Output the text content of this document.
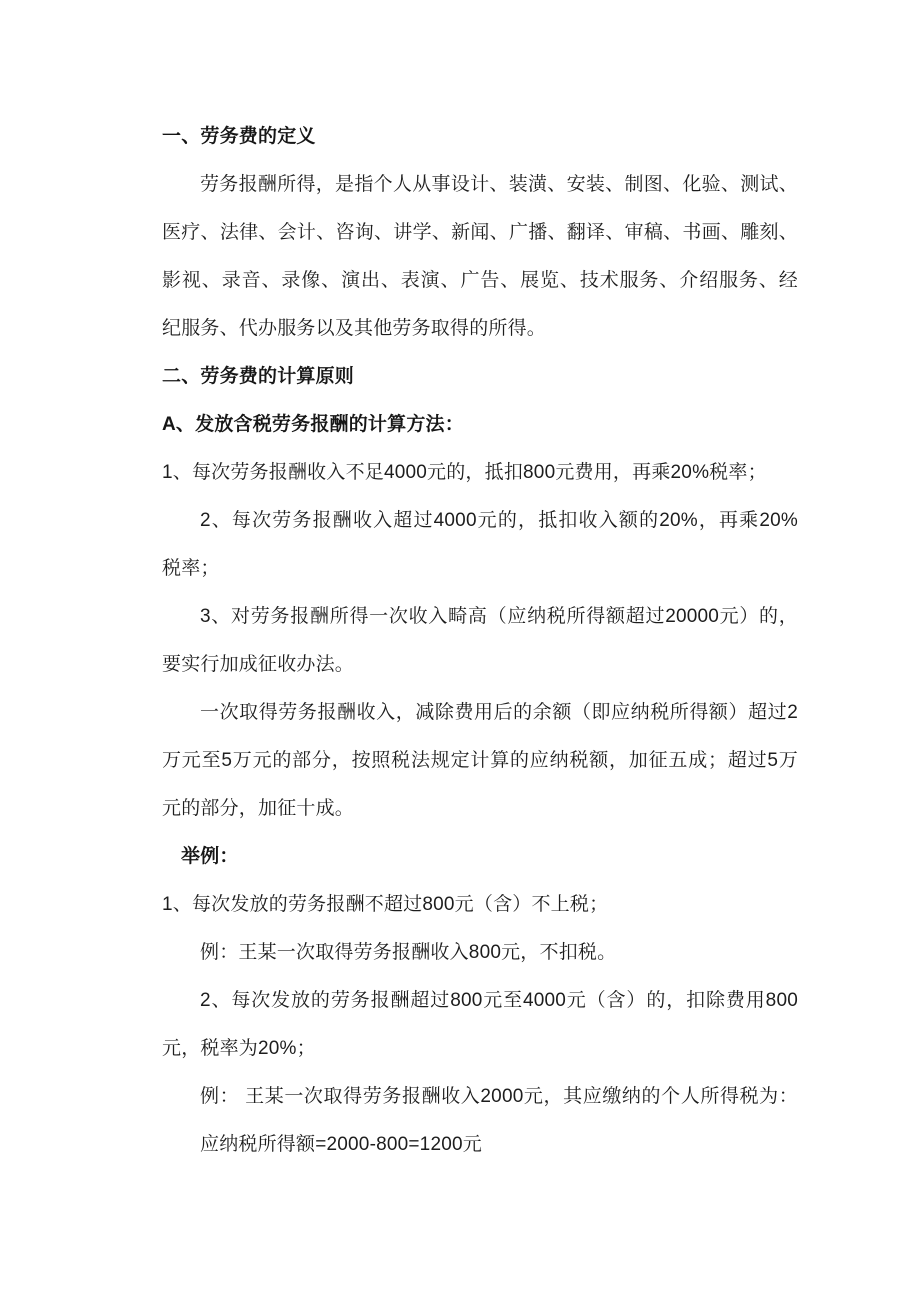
一、劳务费的定义
劳务报酬所得，是指个人从事设计、装潢、安装、制图、化验、测试、
医疗、法律、会计、咨询、讲学、新闻、广播、翻译、审稿、书画、雕刻、
影视、录音、录像、演出、表演、广告、展览、技术服务、介绍服务、经
纪服务、代办服务以及其他劳务取得的所得。
二、劳务费的计算原则
A、发放含税劳务报酬的计算方法：
1、每次劳务报酬收入不足4000元的，抵扣800元费用，再乘20%税率；
2、每次劳务报酬收入超过4000元的，抵扣收入额的20%，再乘20%
税率；
3、对劳务报酬所得一次收入畸高（应纳税所得额超过20000元）的，
要实行加成征收办法。
一次取得劳务报酬收入，减除费用后的余额（即应纳税所得额）超过2
万元至5万元的部分，按照税法规定计算的应纳税额，加征五成；超过5万
元的部分，加征十成。
举例：
1、每次发放的劳务报酬不超过800元（含）不上税；
例：王某一次取得劳务报酬收入800元，不扣税。
2、每次发放的劳务报酬超过800元至4000元（含）的，扣除费用800
元，税率为20%；
例： 王某一次取得劳务报酬收入2000元，其应缴纳的个人所得税为：
应纳税所得额=2000-800=1200元
